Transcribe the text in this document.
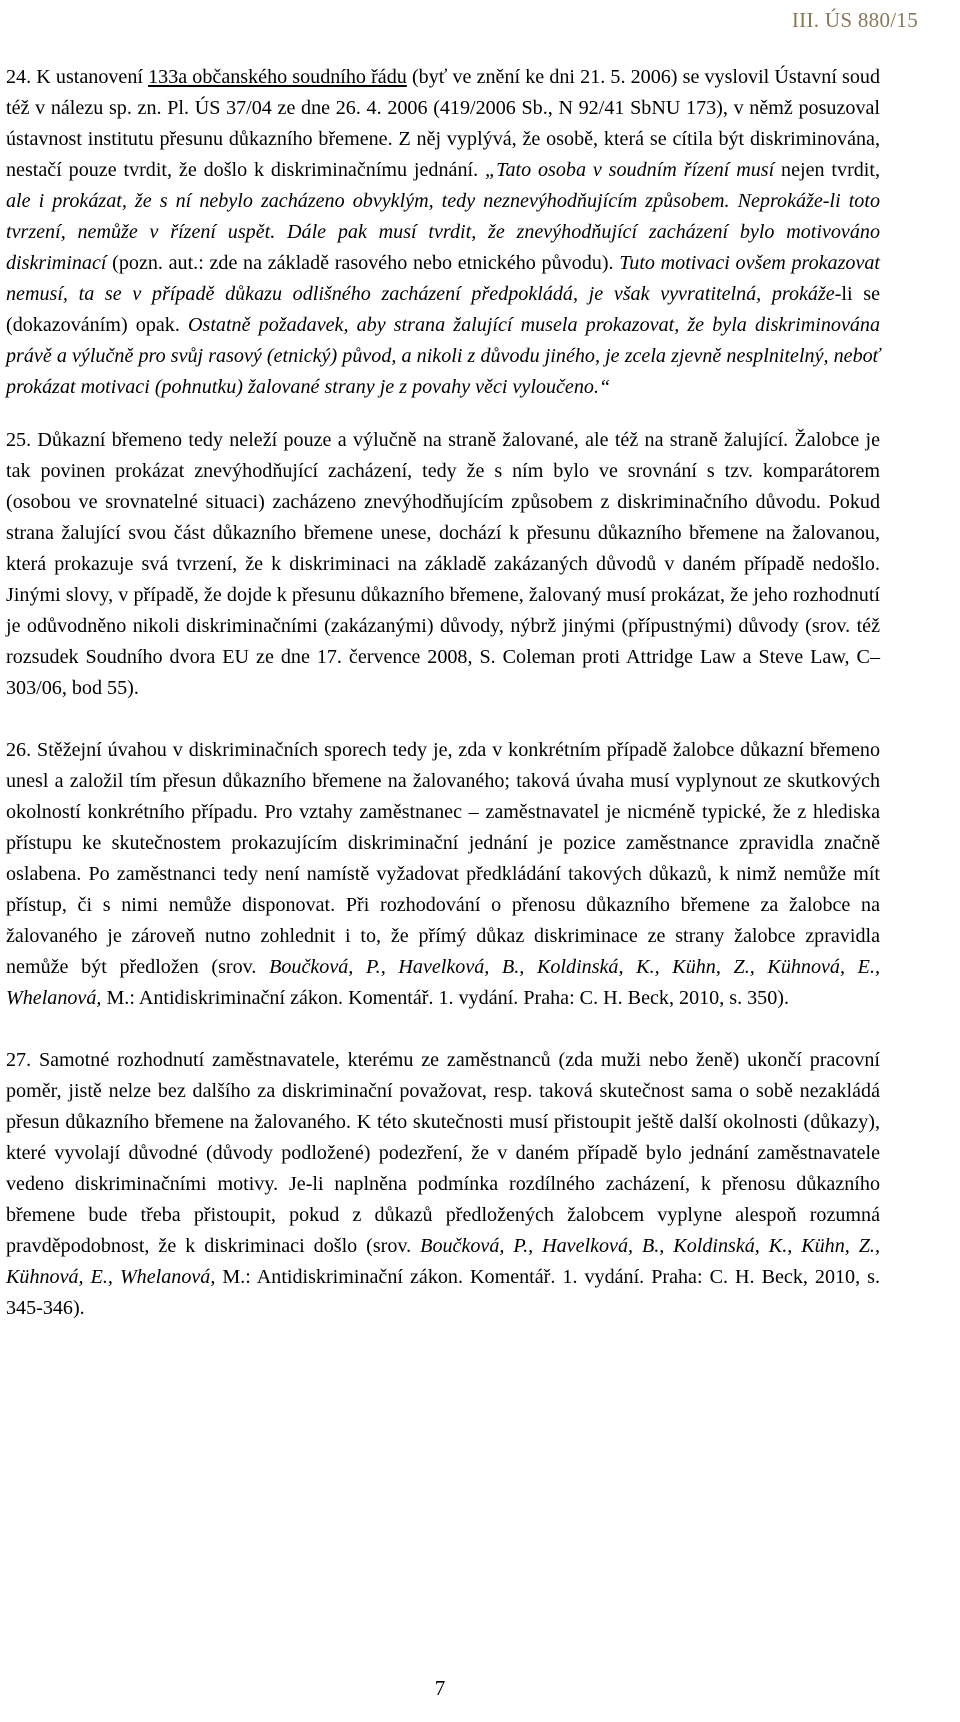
III. ÚS 880/15

24. K ustanovení 133a občanského soudního řádu (byť ve znění ke dni 21. 5. 2006) se vyslovil Ústavní soud též v nálezu sp. zn. Pl. ÚS 37/04 ze dne 26. 4. 2006 (419/2006 Sb., N 92/41 SbNU 173), v němž posuzoval ústavnost institutu přesunu důkazního břemene. Z něj vyplývá, že osobě, která se cítila být diskriminována, nestačí pouze tvrdit, že došlo k diskriminačnímu jednání. „Tato osoba v soudním řízení musí nejen tvrdit, ale i prokázat, že s ní nebylo zacházeno obvyklým, tedy neznevýhodňujícím způsobem. Neprokáže-li toto tvrzení, nemůže v řízení uspět. Dále pak musí tvrdit, že znevýhodňující zacházení bylo motivováno diskriminací (pozn. aut.: zde na základě rasového nebo etnického původu). Tuto motivaci ovšem prokazovat nemusí, ta se v případě důkazu odlišného zacházení předpokládá, je však vyvratitelná, prokáže-li se (dokazováním) opak. Ostatně požadavek, aby strana žalující musela prokazovat, že byla diskriminována právě a výlučně pro svůj rasový (etnický) původ, a nikoli z důvodu jiného, je zcela zjevně nesplnitelný, neboť prokázat motivaci (pohnutku) žalované strany je z povahy věci vyloučeno.“

25. Důkazní břemeno tedy neleží pouze a výlučně na straně žalované, ale též na straně žalující. Žalobce je tak povinen prokázat znevýhodňující zacházení, tedy že s ním bylo ve srovnání s tzv. komparátorem (osobou ve srovnatelné situaci) zacházeno znevýhodňujícím způsobem z diskriminačního důvodu. Pokud strana žalující svou část důkazního břemene unese, dochází k přesunu důkazního břemene na žalovanou, která prokazuje svá tvrzení, že k diskriminaci na základě zakázaných důvodů v daném případě nedošlo. Jinými slovy, v případě, že dojde k přesunu důkazního břemene, žalovaný musí prokázat, že jeho rozhodnutí je odůvodněno nikoli diskriminačními (zakázanými) důvody, nýbrž jinými (přípustnými) důvody (srov. též rozsudek Soudního dvora EU ze dne 17. července 2008, S. Coleman proti Attridge Law a Steve Law, C‒303/06, bod 55).

26. Stěžejní úvahou v diskriminačních sporech tedy je, zda v konkrétním případě žalobce důkazní břemeno unesl a založil tím přesun důkazního břemene na žalovaného; taková úvaha musí vyplynout ze skutkových okolností konkrétního případu. Pro vztahy zaměstnanec ‒ zaměstnavatel je nicméně typické, že z hlediska přístupu ke skutečnostem prokazujícím diskriminační jednání je pozice zaměstnance zpravidla značně oslabena. Po zaměstnanci tedy není namístě vyžadovat předkládání takových důkazů, k nimž nemůže mít přístup, či s nimi nemůže disponovat. Při rozhodování o přenosu důkazního břemene za žalobce na žalovaného je zároveň nutno zohlednit i to, že přímý důkaz diskriminace ze strany žalobce zpravidla nemůže být předložen (srov. Boučková, P., Havelková, B., Koldinská, K., Kühn, Z., Kühnová, E., Whelanová, M.: Antidiskriminační zákon. Komentář. 1. vydání. Praha: C. H. Beck, 2010, s. 350).

27. Samotné rozhodnutí zaměstnavatele, kterému ze zaměstnanců (zda muži nebo ženě) ukončí pracovní poměr, jistě nelze bez dalšího za diskriminační považovat, resp. taková skutečnost sama o sobě nezakládá přesun důkazního břemene na žalovaného. K této skutečnosti musí přistoupit ještě další okolnosti (důkazy), které vyvolají důvodné (důvody podložené) podezření, že v daném případě bylo jednání zaměstnavatele vedeno diskriminačními motivy. Je-li naplněna podmínka rozdílného zacházení, k přenosu důkazního břemene bude třeba přistoupit, pokud z důkazů předložených žalobcem vyplyne alespoň rozumná pravděpodobnost, že k diskriminaci došlo (srov. Boučková, P., Havelková, B., Koldinská, K., Kühn, Z., Kühnová, E., Whelanová, M.: Antidiskriminační zákon. Komentář. 1. vydání. Praha: C. H. Beck, 2010, s. 345-346).

7
